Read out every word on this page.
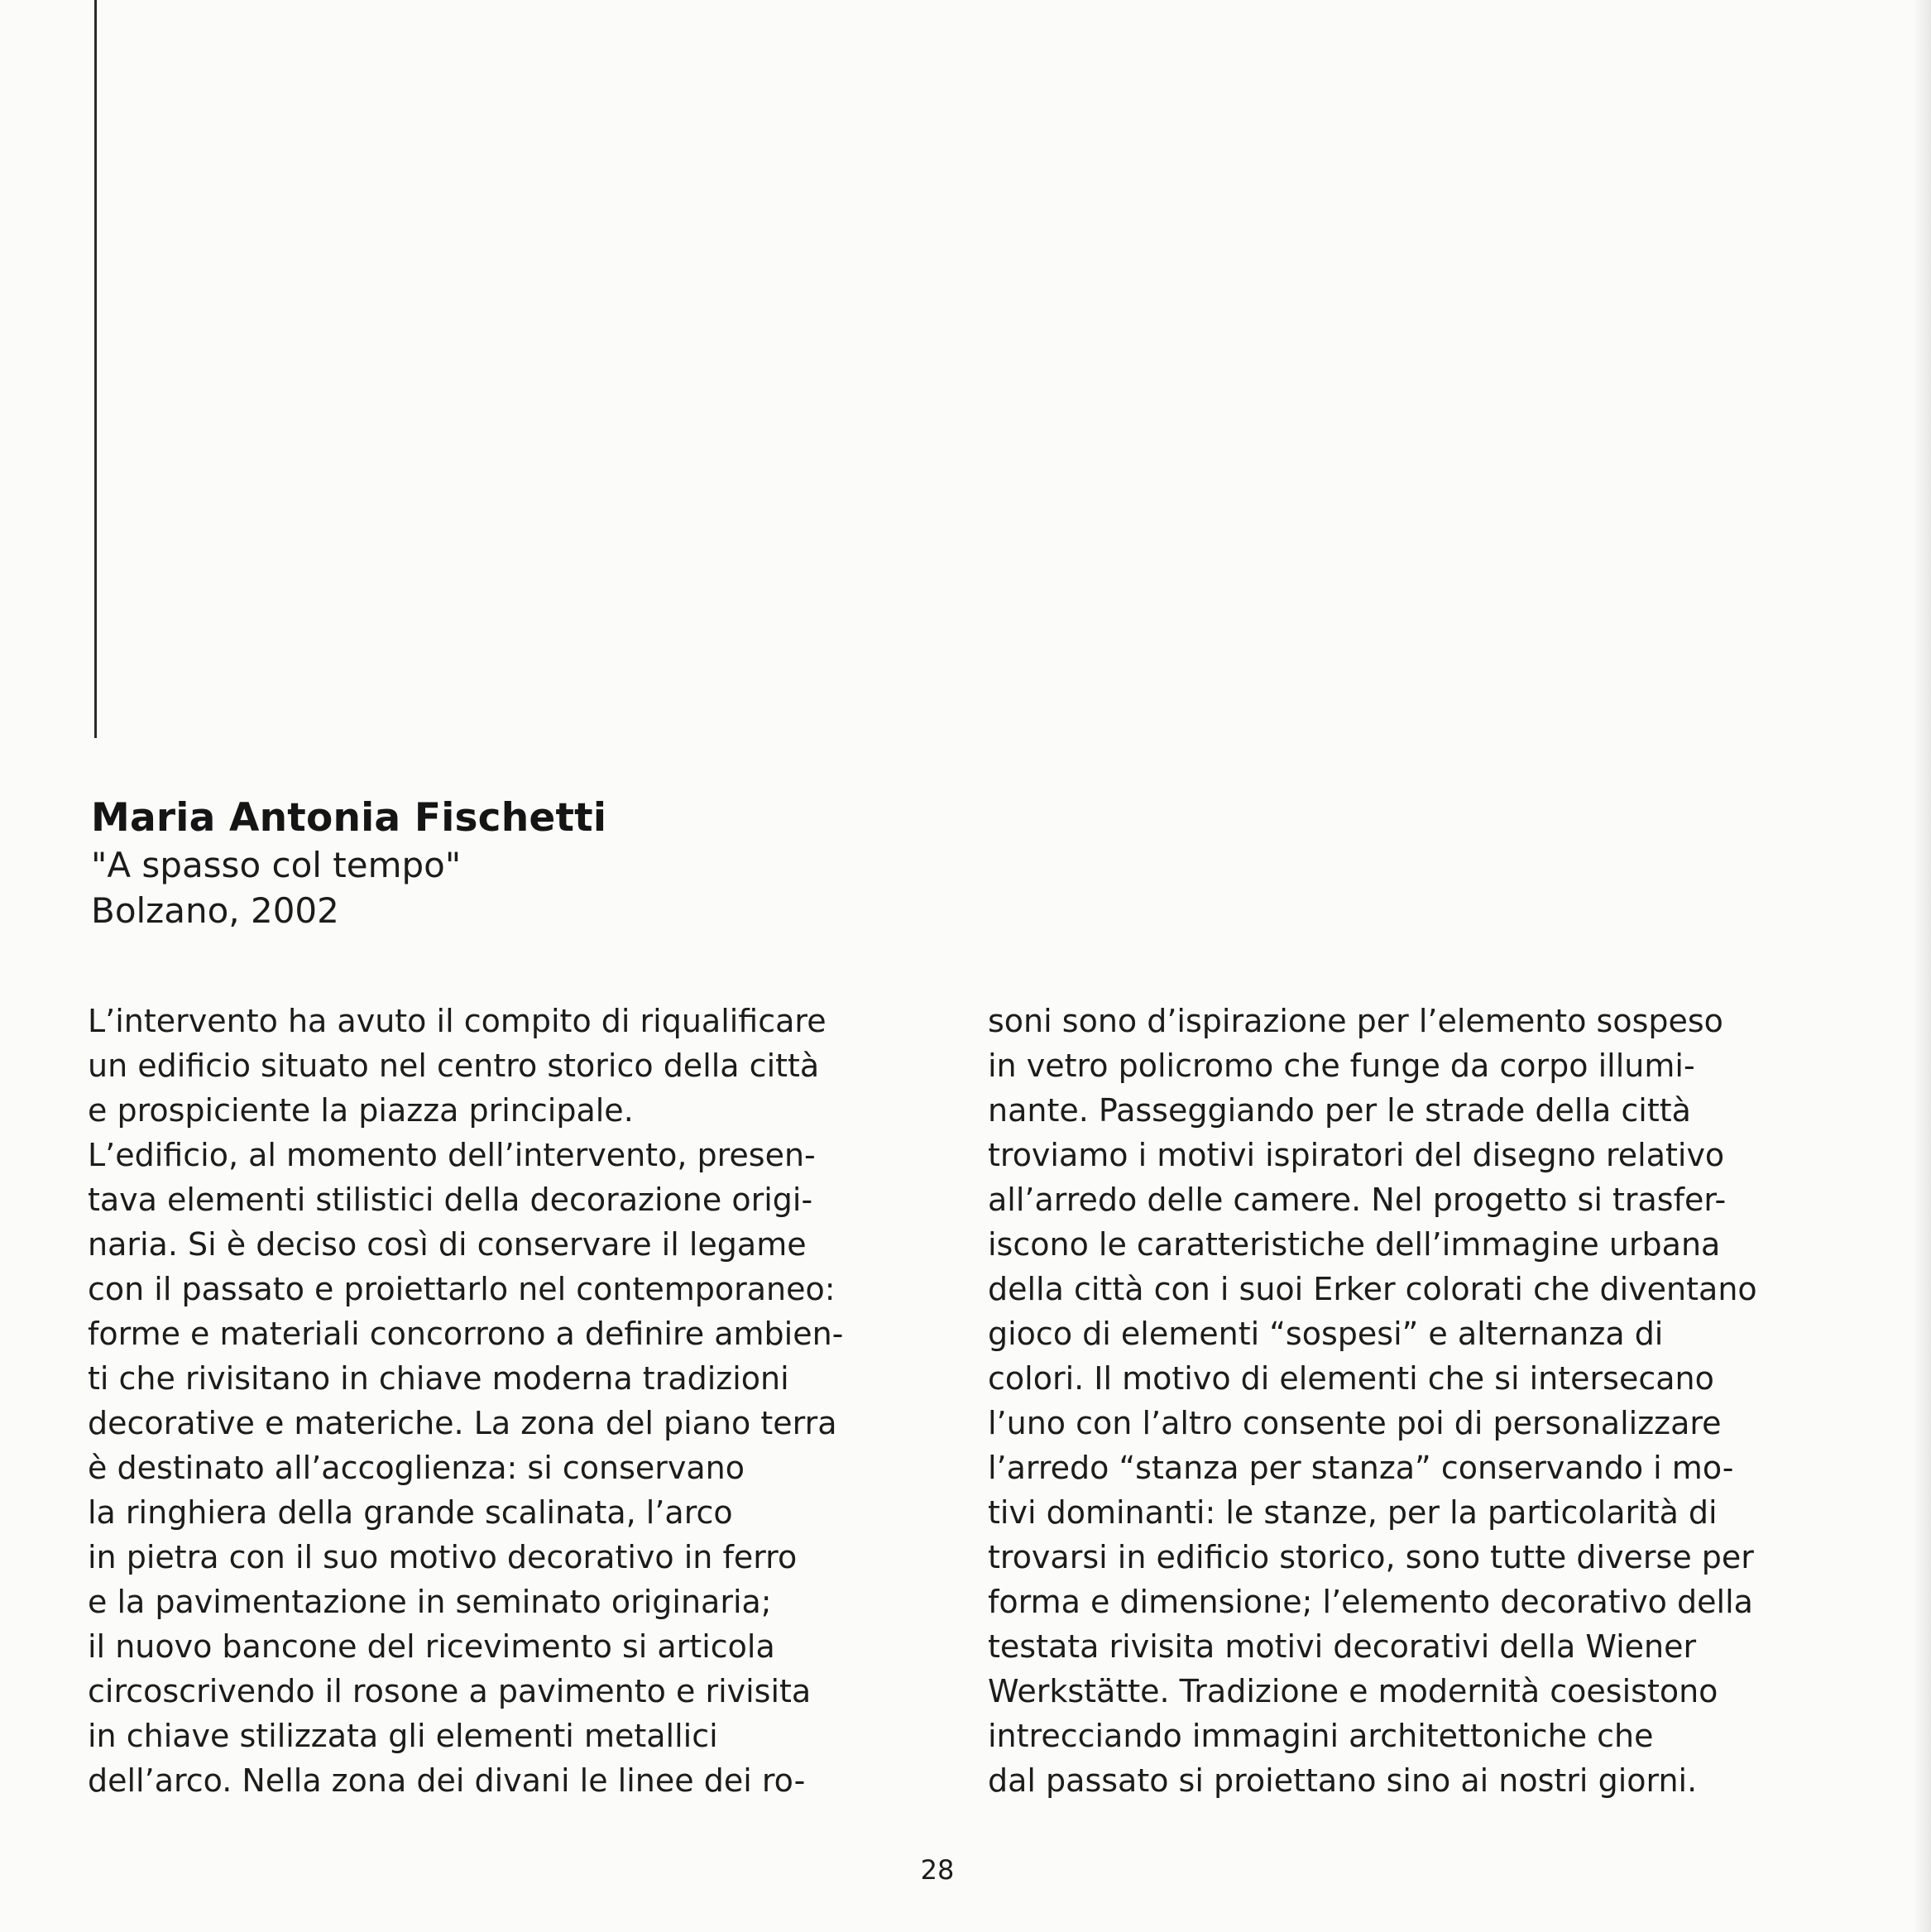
Maria Antonia Fischetti
"A spasso col tempo"
Bolzano, 2002
L’intervento ha avuto il compito di riqualificare
un edificio situato nel centro storico della città
e prospiciente la piazza principale.
L’edificio, al momento dell’intervento, presen-
tava elementi stilistici della decorazione origi-
naria. Si è deciso così di conservare il legame
con il passato e proiettarlo nel contemporaneo:
forme e materiali concorrono a definire ambien-
ti che rivisitano in chiave moderna tradizioni
decorative e materiche. La zona del piano terra
è destinato all’accoglienza: si conservano
la ringhiera della grande scalinata, l’arco
in pietra con il suo motivo decorativo in ferro
e la pavimentazione in seminato originaria;
il nuovo bancone del ricevimento si articola
circoscrivendo il rosone a pavimento e rivisita
in chiave stilizzata gli elementi metallici
dell’arco. Nella zona dei divani le linee dei ro-
soni sono d’ispirazione per l’elemento sospeso
in vetro policromo che funge da corpo illumi-
nante. Passeggiando per le strade della città
troviamo i motivi ispiratori del disegno relativo
all’arredo delle camere. Nel progetto si trasfer-
iscono le caratteristiche dell’immagine urbana
della città con i suoi Erker colorati che diventano
gioco di elementi “sospesi” e alternanza di
colori. Il motivo di elementi che si intersecano
l’uno con l’altro consente poi di personalizzare
l’arredo “stanza per stanza” conservando i mo-
tivi dominanti: le stanze, per la particolarità di
trovarsi in edificio storico, sono tutte diverse per
forma e dimensione; l’elemento decorativo della
testata rivisita motivi decorativi della Wiener
Werkstätte. Tradizione e modernità coesistono
intrecciando immagini architettoniche che
dal passato si proiettano sino ai nostri giorni.
28
